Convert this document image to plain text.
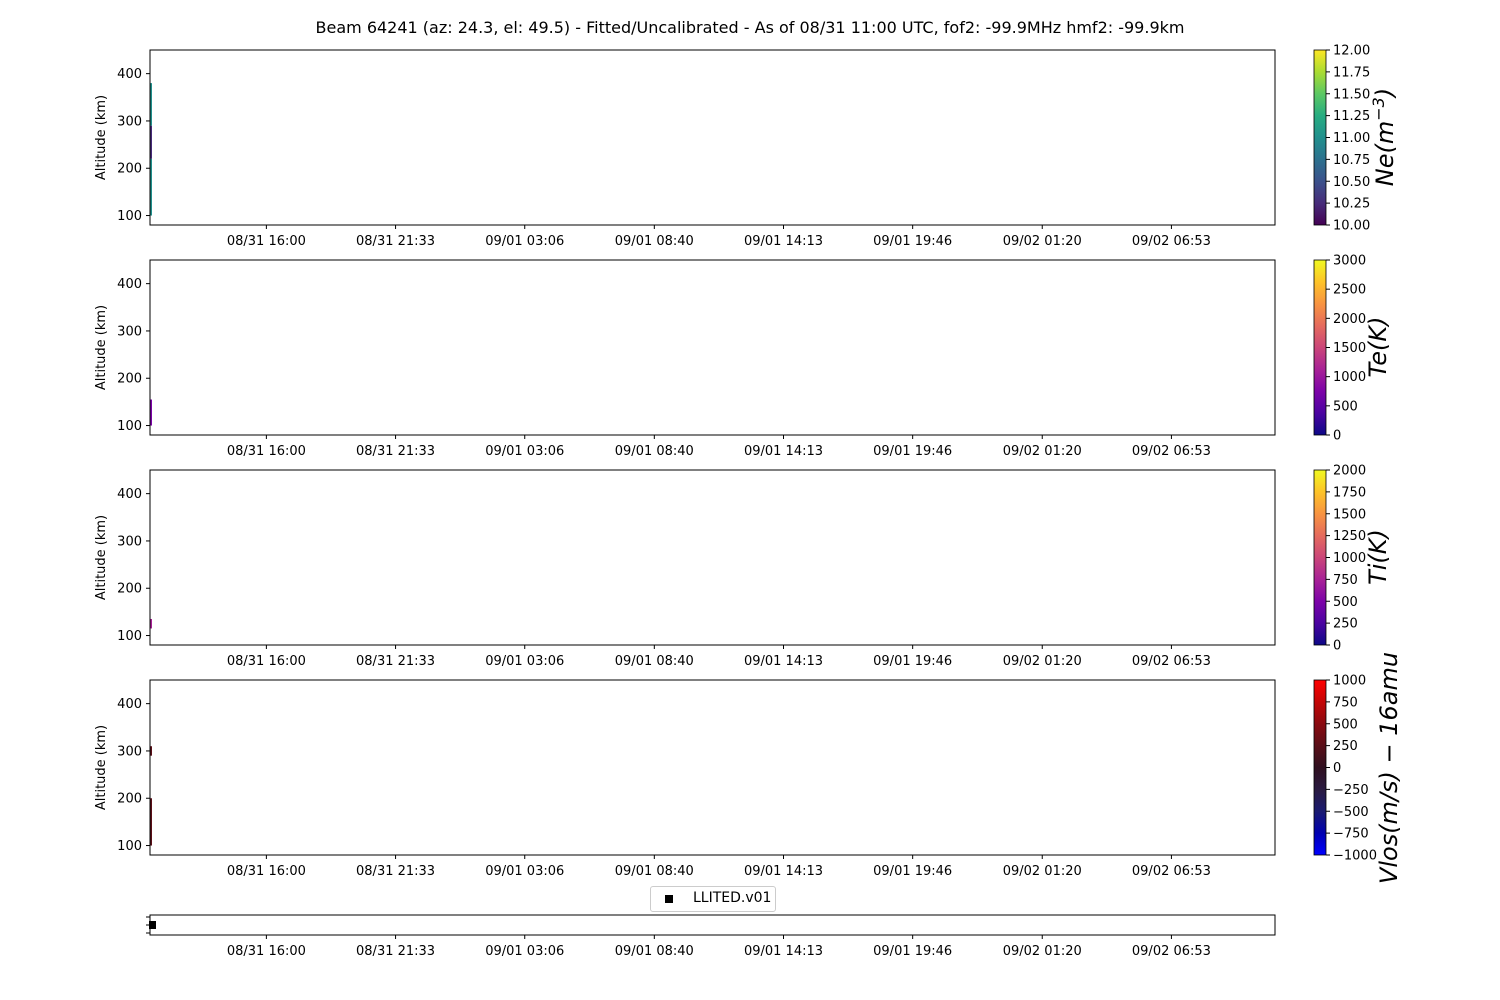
Beam 64241 (az: 24.3, el: 49.5) - Fitted/Uncalibrated - As of 08/31 11:00 UTC, fof2: -99.9MHz hmf2: -99.9km
100
200
300
400
Altitude (km)
08/31 16:00	08/31 21:33	09/01 03:06	09/01 08:40	09/01 14:13	09/01 19:46	09/02 01:20	09/02 06:53
10.00
10.25
10.50
10.75
11.00
11.25
11.50
11.75
12.00
100
200
300
400
Altitude (km)
08/31 16:00	08/31 21:33	09/01 03:06	09/01 08:40	09/01 14:13	09/01 19:46	09/02 01:20	09/02 06:53
0
500
1000
1500
2000
2500
3000
100
200
300
400
Altitude (km)
08/31 16:00	08/31 21:33	09/01 03:06	09/01 08:40	09/01 14:13	09/01 19:46	09/02 01:20	09/02 06:53
0
250
500
750
1000
1250
1500
1750
2000
100
200
300
400
Altitude (km)
08/31 16:00	08/31 21:33	09/01 03:06	09/01 08:40	09/01 14:13	09/01 19:46	09/02 01:20	09/02 06:53
−1000
−750
−500
−250
0
250
500
750
1000
$Ne(m^{-3})$
Te(K)
Ti(K)
Vlos(m/s) − 16amu
08/31 16:00	08/31 21:33	09/01 03:06	09/01 08:40	09/01 14:13	09/01 19:46	09/02 01:20	09/02 06:53
LLITED.v01
